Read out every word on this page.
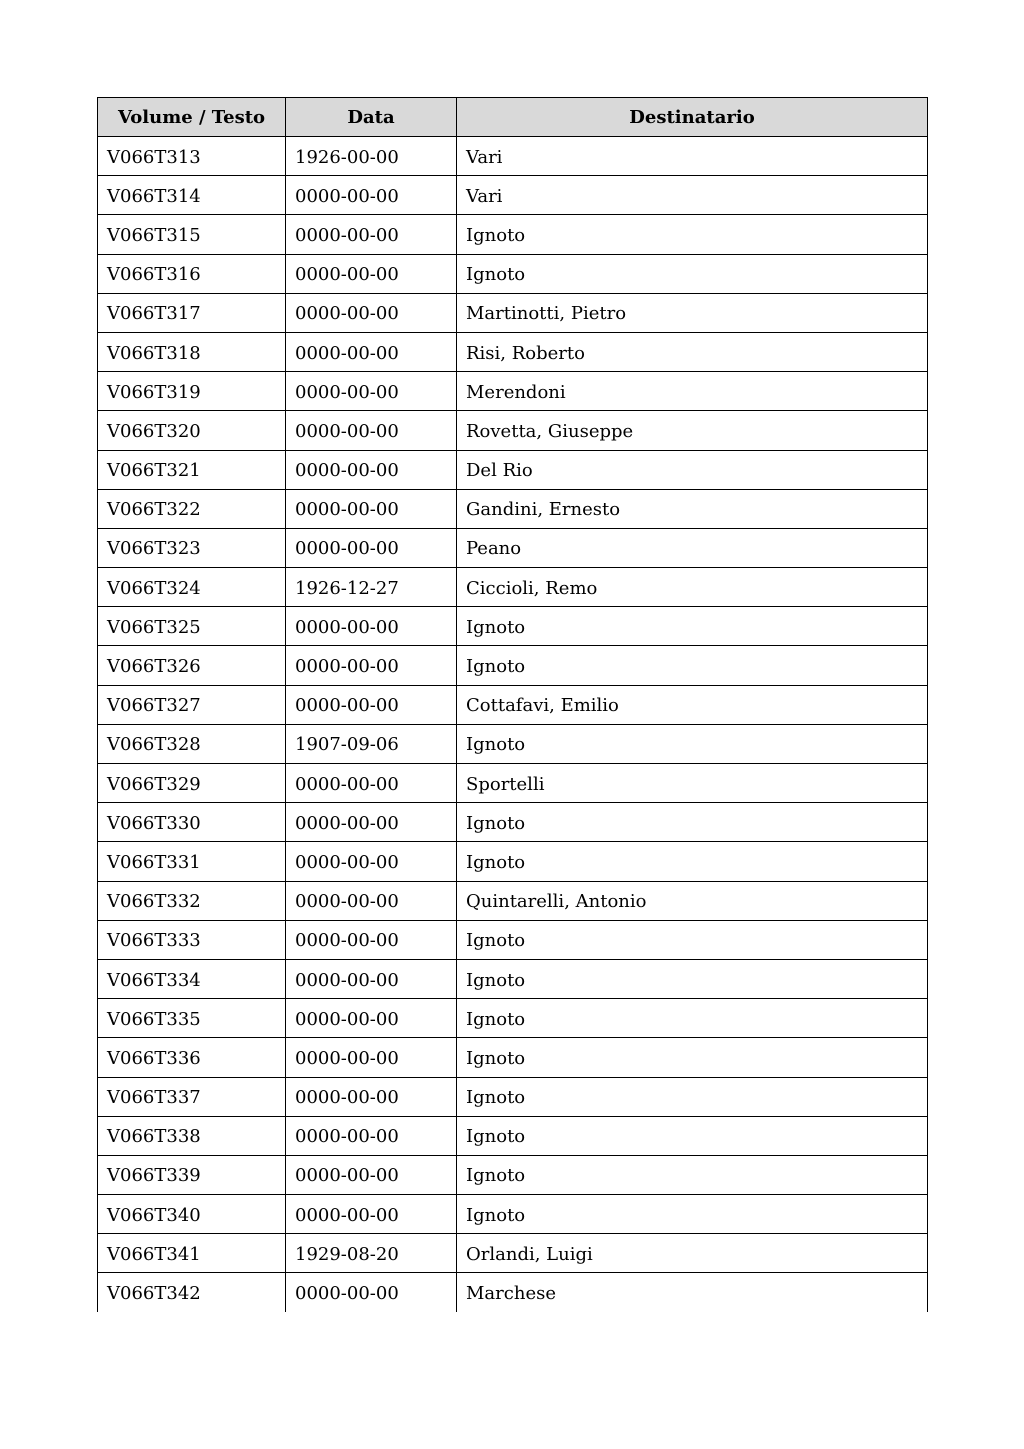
Volume / Testo	Data	Destinatario
V066T313	1926-00-00	Vari
V066T314	0000-00-00	Vari
V066T315	0000-00-00	Ignoto
V066T316	0000-00-00	Ignoto
V066T317	0000-00-00	Martinotti, Pietro
V066T318	0000-00-00	Risi, Roberto
V066T319	0000-00-00	Merendoni
V066T320	0000-00-00	Rovetta, Giuseppe
V066T321	0000-00-00	Del Rio
V066T322	0000-00-00	Gandini, Ernesto
V066T323	0000-00-00	Peano
V066T324	1926-12-27	Ciccioli, Remo
V066T325	0000-00-00	Ignoto
V066T326	0000-00-00	Ignoto
V066T327	0000-00-00	Cottafavi, Emilio
V066T328	1907-09-06	Ignoto
V066T329	0000-00-00	Sportelli
V066T330	0000-00-00	Ignoto
V066T331	0000-00-00	Ignoto
V066T332	0000-00-00	Quintarelli, Antonio
V066T333	0000-00-00	Ignoto
V066T334	0000-00-00	Ignoto
V066T335	0000-00-00	Ignoto
V066T336	0000-00-00	Ignoto
V066T337	0000-00-00	Ignoto
V066T338	0000-00-00	Ignoto
V066T339	0000-00-00	Ignoto
V066T340	0000-00-00	Ignoto
V066T341	1929-08-20	Orlandi, Luigi
V066T342	0000-00-00	Marchese
